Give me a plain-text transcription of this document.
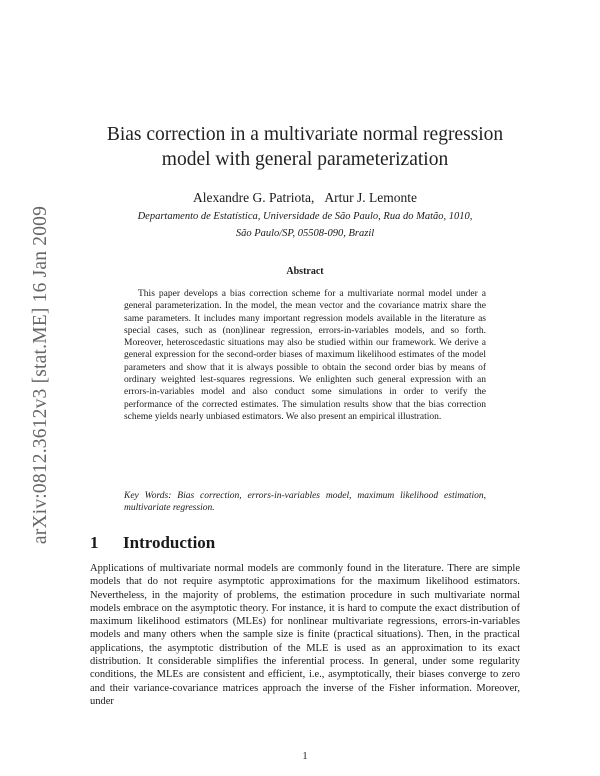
arXiv:0812.3612v3 [stat.ME] 16 Jan 2009
Bias correction in a multivariate normal regression
model with general parameterization
Alexandre G. Patriota, Artur J. Lemonte
Departamento de Estatística, Universidade de São Paulo, Rua do Matão, 1010,
São Paulo/SP, 05508-090, Brazil
Abstract
This paper develops a bias correction scheme for a multivariate normal model under a general parameterization. In the model, the mean vector and the covariance matrix share the same parameters. It includes many important regression models available in the literature as special cases, such as (non)linear regression, errors-in-variables models, and so forth. Moreover, heteroscedastic situations may also be studied within our framework. We derive a general expression for the second-order biases of maximum likelihood estimates of the model parameters and show that it is always possible to obtain the second order bias by means of ordinary weighted lest-squares regressions. We enlighten such general expression with an errors-in-variables model and also conduct some simulations in order to verify the performance of the corrected estimates. The simulation results show that the bias correction scheme yields nearly unbiased estimators. We also present an empirical illustration.
Key Words: Bias correction, errors-in-variables model, maximum likelihood estimation, multivariate regression.
1 Introduction
Applications of multivariate normal models are commonly found in the literature. There are simple models that do not require asymptotic approximations for the maximum likelihood estimators. Nevertheless, in the majority of problems, the estimation procedure in such multivariate normal models embrace on the asymptotic theory. For instance, it is hard to compute the exact distribution of maximum likelihood estimators (MLEs) for nonlinear multivariate regressions, errors-in-variables models and many others when the sample size is finite (practical situations). Then, in the practical applications, the asymptotic distribution of the MLE is used as an approximation to its exact distribution. It considerable simplifies the inferential process. In general, under some regularity conditions, the MLEs are consistent and efficient, i.e., asymptotically, their biases converge to zero and their variance-covariance matrices approach the inverse of the Fisher information. Moreover, under
1
